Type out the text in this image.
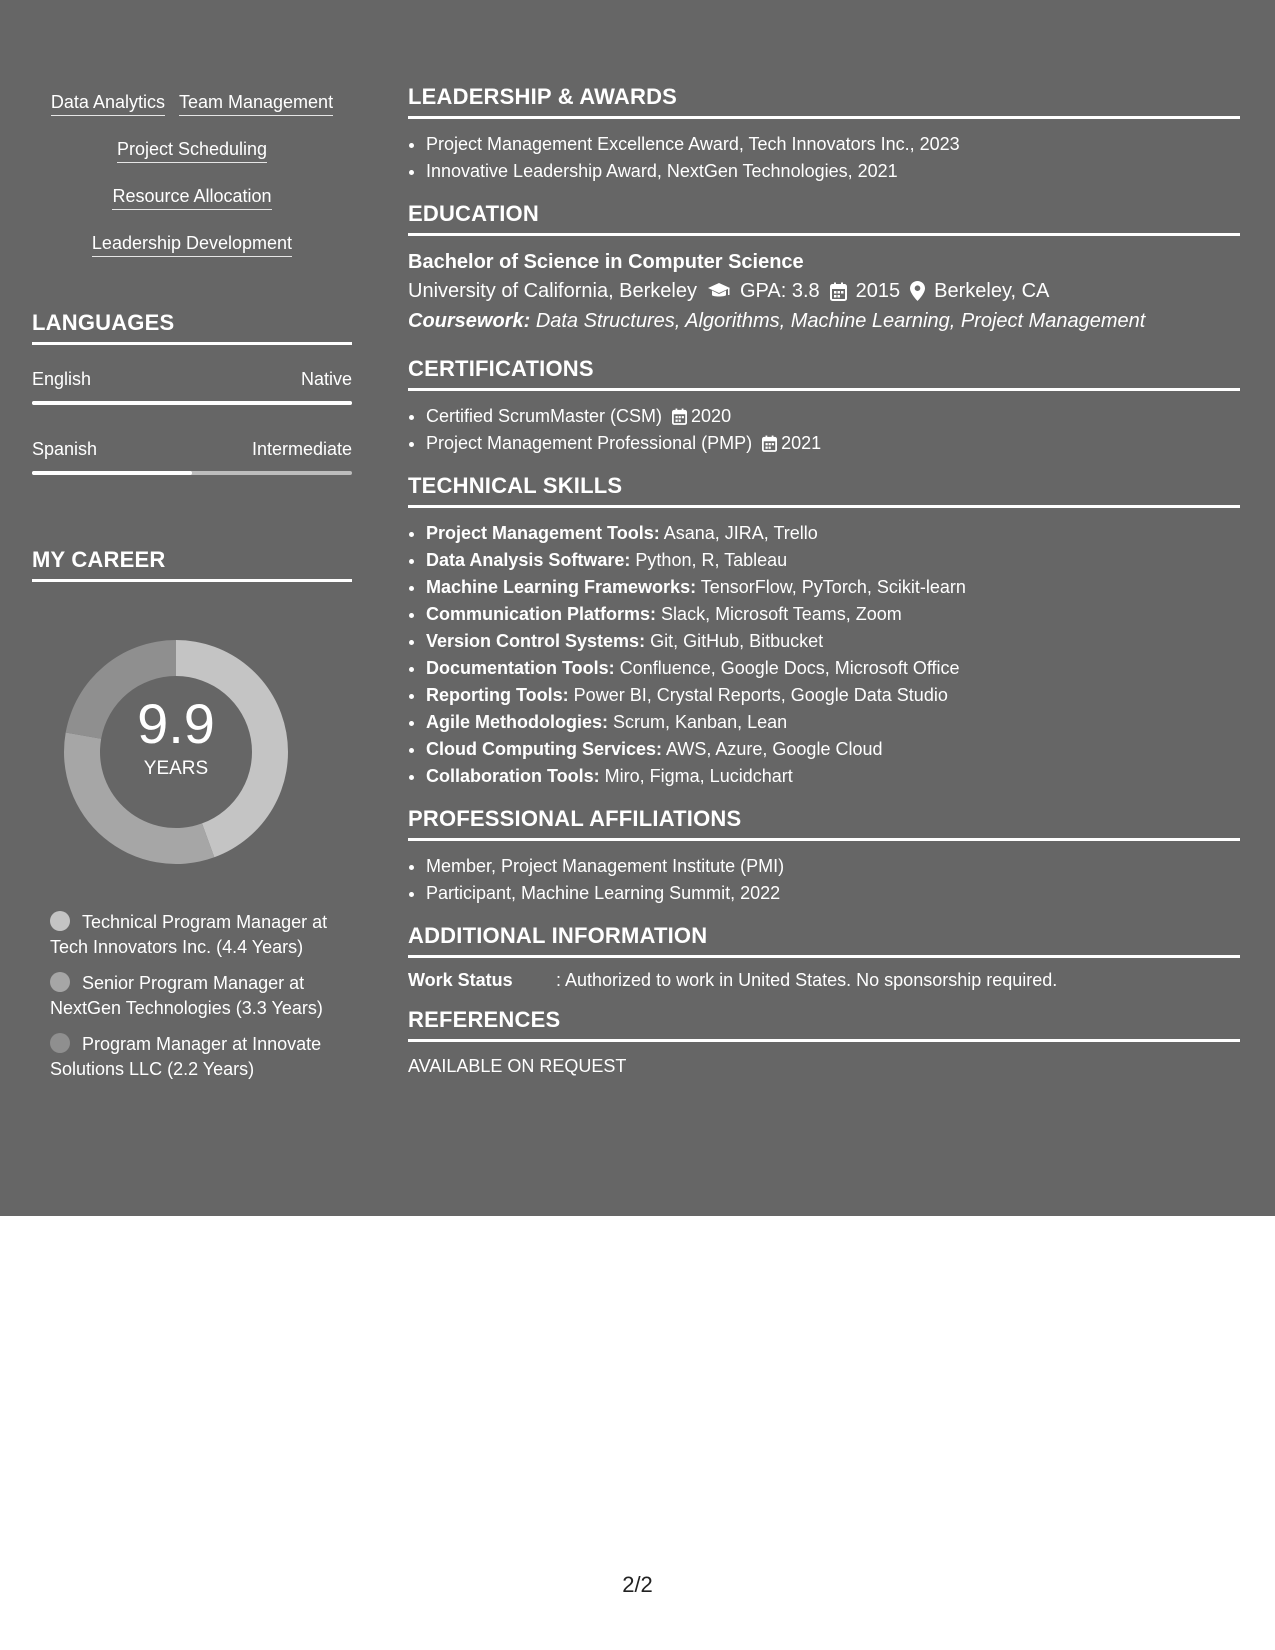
Data Analytics Team Management
Project Scheduling
Resource Allocation
Leadership Development
LANGUAGES
English	Native
Spanish	Intermediate
MY CAREER
9.9
YEARS
Technical Program Manager at Tech Innovators Inc. (4.4 Years)
Senior Program Manager at NextGen Technologies (3.3 Years)
Program Manager at Innovate Solutions LLC (2.2 Years)
LEADERSHIP & AWARDS
• Project Management Excellence Award, Tech Innovators Inc., 2023
• Innovative Leadership Award, NextGen Technologies, 2021
EDUCATION
Bachelor of Science in Computer Science
University of California, Berkeley GPA: 3.8 2015 Berkeley, CA
Coursework: Data Structures, Algorithms, Machine Learning, Project Management
CERTIFICATIONS
• Certified ScrumMaster (CSM) 2020
• Project Management Professional (PMP) 2021
TECHNICAL SKILLS
• Project Management Tools: Asana, JIRA, Trello
• Data Analysis Software: Python, R, Tableau
• Machine Learning Frameworks: TensorFlow, PyTorch, Scikit-learn
• Communication Platforms: Slack, Microsoft Teams, Zoom
• Version Control Systems: Git, GitHub, Bitbucket
• Documentation Tools: Confluence, Google Docs, Microsoft Office
• Reporting Tools: Power BI, Crystal Reports, Google Data Studio
• Agile Methodologies: Scrum, Kanban, Lean
• Cloud Computing Services: AWS, Azure, Google Cloud
• Collaboration Tools: Miro, Figma, Lucidchart
PROFESSIONAL AFFILIATIONS
• Member, Project Management Institute (PMI)
• Participant, Machine Learning Summit, 2022
ADDITIONAL INFORMATION
Work Status	: Authorized to work in United States. No sponsorship required.
REFERENCES
AVAILABLE ON REQUEST
2/2
